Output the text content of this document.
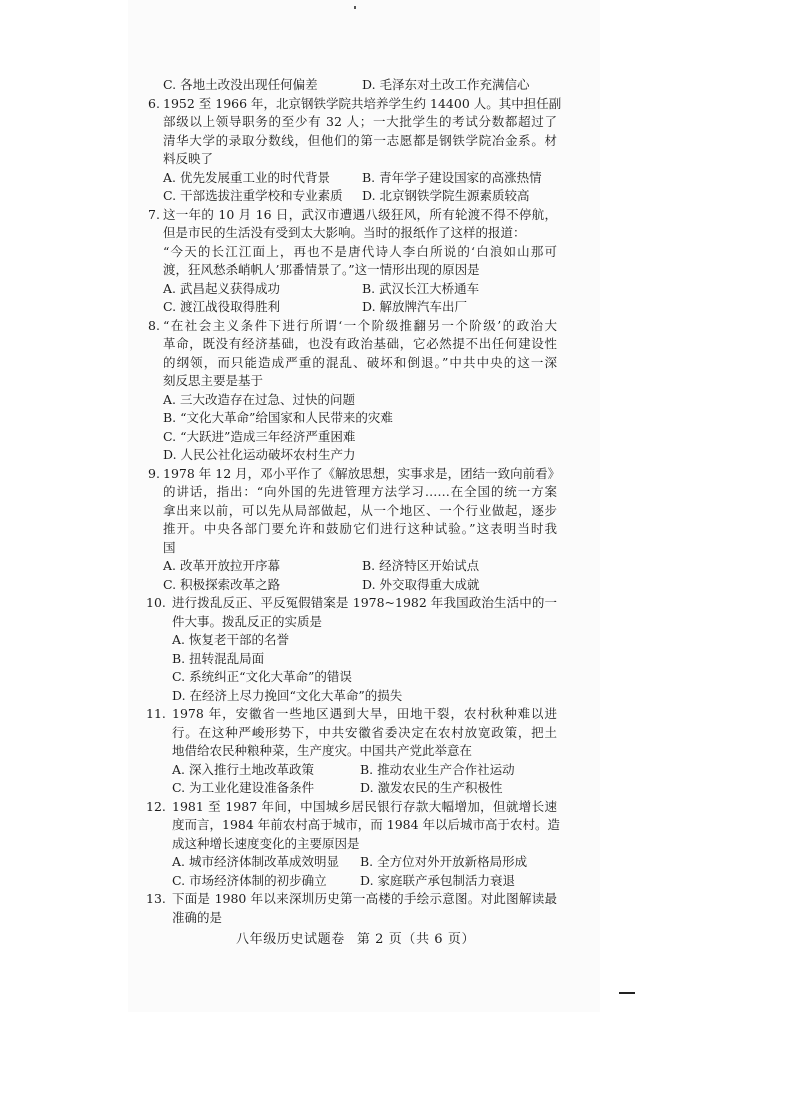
C. 各地土改没出现任何偏差	D. 毛泽东对土改工作充满信心
6. 1952 至 1966 年，北京钢铁学院共培养学生约 14400 人。其中担任副
部级以上领导职务的至少有 32 人；一大批学生的考试分数都超过了
清华大学的录取分数线，但他们的第一志愿都是钢铁学院冶金系。材
料反映了
A. 优先发展重工业的时代背景	B. 青年学子建设国家的高涨热情
C. 干部选拔注重学校和专业素质	D. 北京钢铁学院生源素质较高
7. 这一年的 10 月 16 日，武汉市遭遇八级狂风，所有轮渡不得不停航，
但是市民的生活没有受到太大影响。当时的报纸作了这样的报道：
“今天的长江江面上，再也不是唐代诗人李白所说的‘白浪如山那可
渡，狂风愁杀峭帆人’那番情景了。”这一情形出现的原因是
A. 武昌起义获得成功	B. 武汉长江大桥通车
C. 渡江战役取得胜利	D. 解放牌汽车出厂
8. “在社会主义条件下进行所谓‘一个阶级推翻另一个阶级’的政治大
革命，既没有经济基础，也没有政治基础，它必然提不出任何建设性
的纲领，而只能造成严重的混乱、破坏和倒退。”中共中央的这一深
刻反思主要是基于
A. 三大改造存在过急、过快的问题
B. “文化大革命”给国家和人民带来的灾难
C. “大跃进”造成三年经济严重困难
D. 人民公社化运动破坏农村生产力
9. 1978 年 12 月，邓小平作了《解放思想，实事求是，团结一致向前看》
的讲话，指出：“向外国的先进管理方法学习……在全国的统一方案
拿出来以前，可以先从局部做起，从一个地区、一个行业做起，逐步
推开。中央各部门要允许和鼓励它们进行这种试验。”这表明当时我
国
A. 改革开放拉开序幕	B. 经济特区开始试点
C. 积极探索改革之路	D. 外交取得重大成就
10. 进行拨乱反正、平反冤假错案是 1978~1982 年我国政治生活中的一
件大事。拨乱反正的实质是
A. 恢复老干部的名誉
B. 扭转混乱局面
C. 系统纠正“文化大革命”的错误
D. 在经济上尽力挽回“文化大革命”的损失
11. 1978 年，安徽省一些地区遇到大旱，田地干裂，农村秋种难以进
行。在这种严峻形势下，中共安徽省委决定在农村放宽政策，把土
地借给农民种粮种菜，生产度灾。中国共产党此举意在
A. 深入推行土地改革政策	B. 推动农业生产合作社运动
C. 为工业化建设准备条件	D. 激发农民的生产积极性
12. 1981 至 1987 年间，中国城乡居民银行存款大幅增加，但就增长速
度而言，1984 年前农村高于城市，而 1984 年以后城市高于农村。造
成这种增长速度变化的主要原因是
A. 城市经济体制改革成效明显	B. 全方位对外开放新格局形成
C. 市场经济体制的初步确立	D. 家庭联产承包制活力衰退
13. 下面是 1980 年以来深圳历史第一高楼的手绘示意图。对此图解读最
准确的是
八年级历史试题卷 第 2 页（共 6 页）
